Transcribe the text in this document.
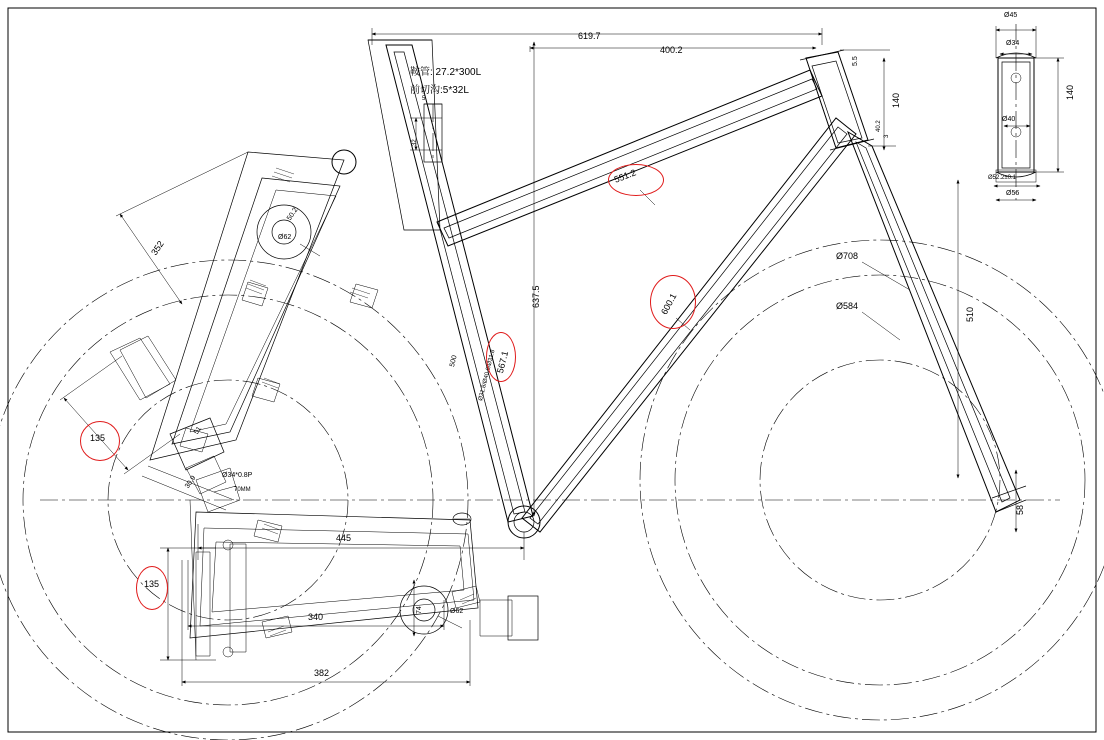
鞍管: 27.2*300L
前切沟:5*32L
619.7
400.2
5.5
140
40.2
3
551.2
637.5
567.1
500	Ø31.8/Ø40.0/Ø31.8
600.1
Ø708
Ø584
510
58
352
50.2
Ø62
135
51
30.9	Ø34*0.8P
70MM
445
135
340
382
Ø62
74
Ø45
Ø34
Ø40
140
Ø52.2±0.1
Ø56
5
32
